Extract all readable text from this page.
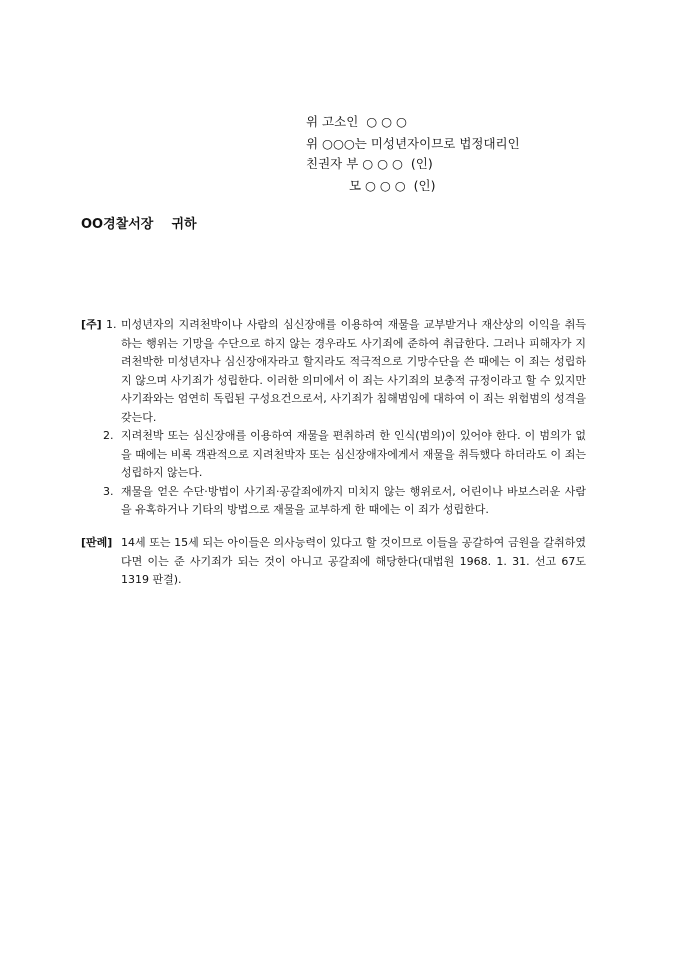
위 고소인  ○ ○ ○
위 ○○○는 미성년자이므로 법정대리인
친권자 부 ○ ○ ○  (인)
모 ○ ○ ○  (인)
OO경찰서장    귀하
[주] 1. 미성년자의 지려천박이나 사람의 심신장애를 이용하여 재물을 교부받거나 재산상의 이익을 취득하는 행위는 기망을 수단으로 하지 않는 경우라도 사기죄에 준하여 취급한다. 그러나 피해자가 지려천박한 미성년자나 심신장애자라고 할지라도 적극적으로 기망수단을 쓴 때에는 이 죄는 성립하지 않으며 사기죄가 성립한다. 이러한 의미에서 이 죄는 사기죄의 보충적 규정이라고 할 수 있지만 사기좌와는 엄연히 독립된 구성요건으로서, 사기죄가 침해범임에 대하여 이 죄는 위험범의 성격을 갖는다.
2. 지려천박 또는 심신장애를 이용하여 재물을 편취하려 한 인식(범의)이 있어야 한다. 이 범의가 없을 때에는 비록 객관적으로 지려천박자 또는 심신장애자에게서 재물을 취득했다 하더라도 이 죄는 성립하지 않는다.
3. 재물을 얻은 수단·방법이 사기죄·공갈죄에까지 미치지 않는 행위로서, 어린이나 바보스러운 사람을 유혹하거나 기타의 방법으로 재물을 교부하게 한 때에는 이 죄가 성립한다.
[판례] 14세 또는 15세 되는 아이들은 의사능력이 있다고 할 것이므로 이들을 공갈하여 금원을 갈취하였다면 이는 준 사기죄가 되는 것이 아니고 공갈죄에 해당한다(대법원 1968. 1. 31. 선고 67도1319 판결).
